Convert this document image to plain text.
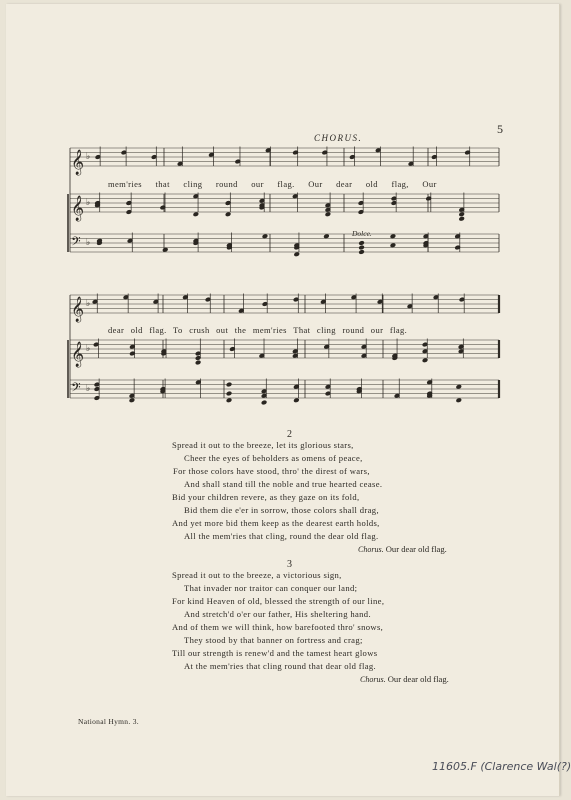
𝄞 ♭
𝄞 ♭
𝄢 ♭
𝄞 ♭
𝄞 ♭
𝄢 ♭
5
CHORUS.
mem'ries that cling round our flag. Our dear old flag, Our
Dolce.
dear old flag. To crush out the mem'ries That cling round our flag.
2
Spread it out to the breeze, let its glorious stars,
Cheer the eyes of beholders as omens of peace,
For those colors have stood, thro' the direst of wars,
And shall stand till the noble and true hearted cease.
Bid your children revere, as they gaze on its fold,
Bid them die e'er in sorrow, those colors shall drag,
And yet more bid them keep as the dearest earth holds,
All the mem'ries that cling, round the dear old flag.
Chorus. Our dear old flag.
3
Spread it out to the breeze, a victorious sign,
That invader nor traitor can conquer our land;
For kind Heaven of old, blessed the strength of our line,
And stretch'd o'er our father, His sheltering hand.
And of them we will think, how barefooted thro' snows,
They stood by that banner on fortress and crag;
Till our strength is renew'd and the tamest heart glows
At the mem'ries that cling round that dear old flag.
Chorus. Our dear old flag.
National Hymn. 3.
11605.F (Clarence Wal(?)
